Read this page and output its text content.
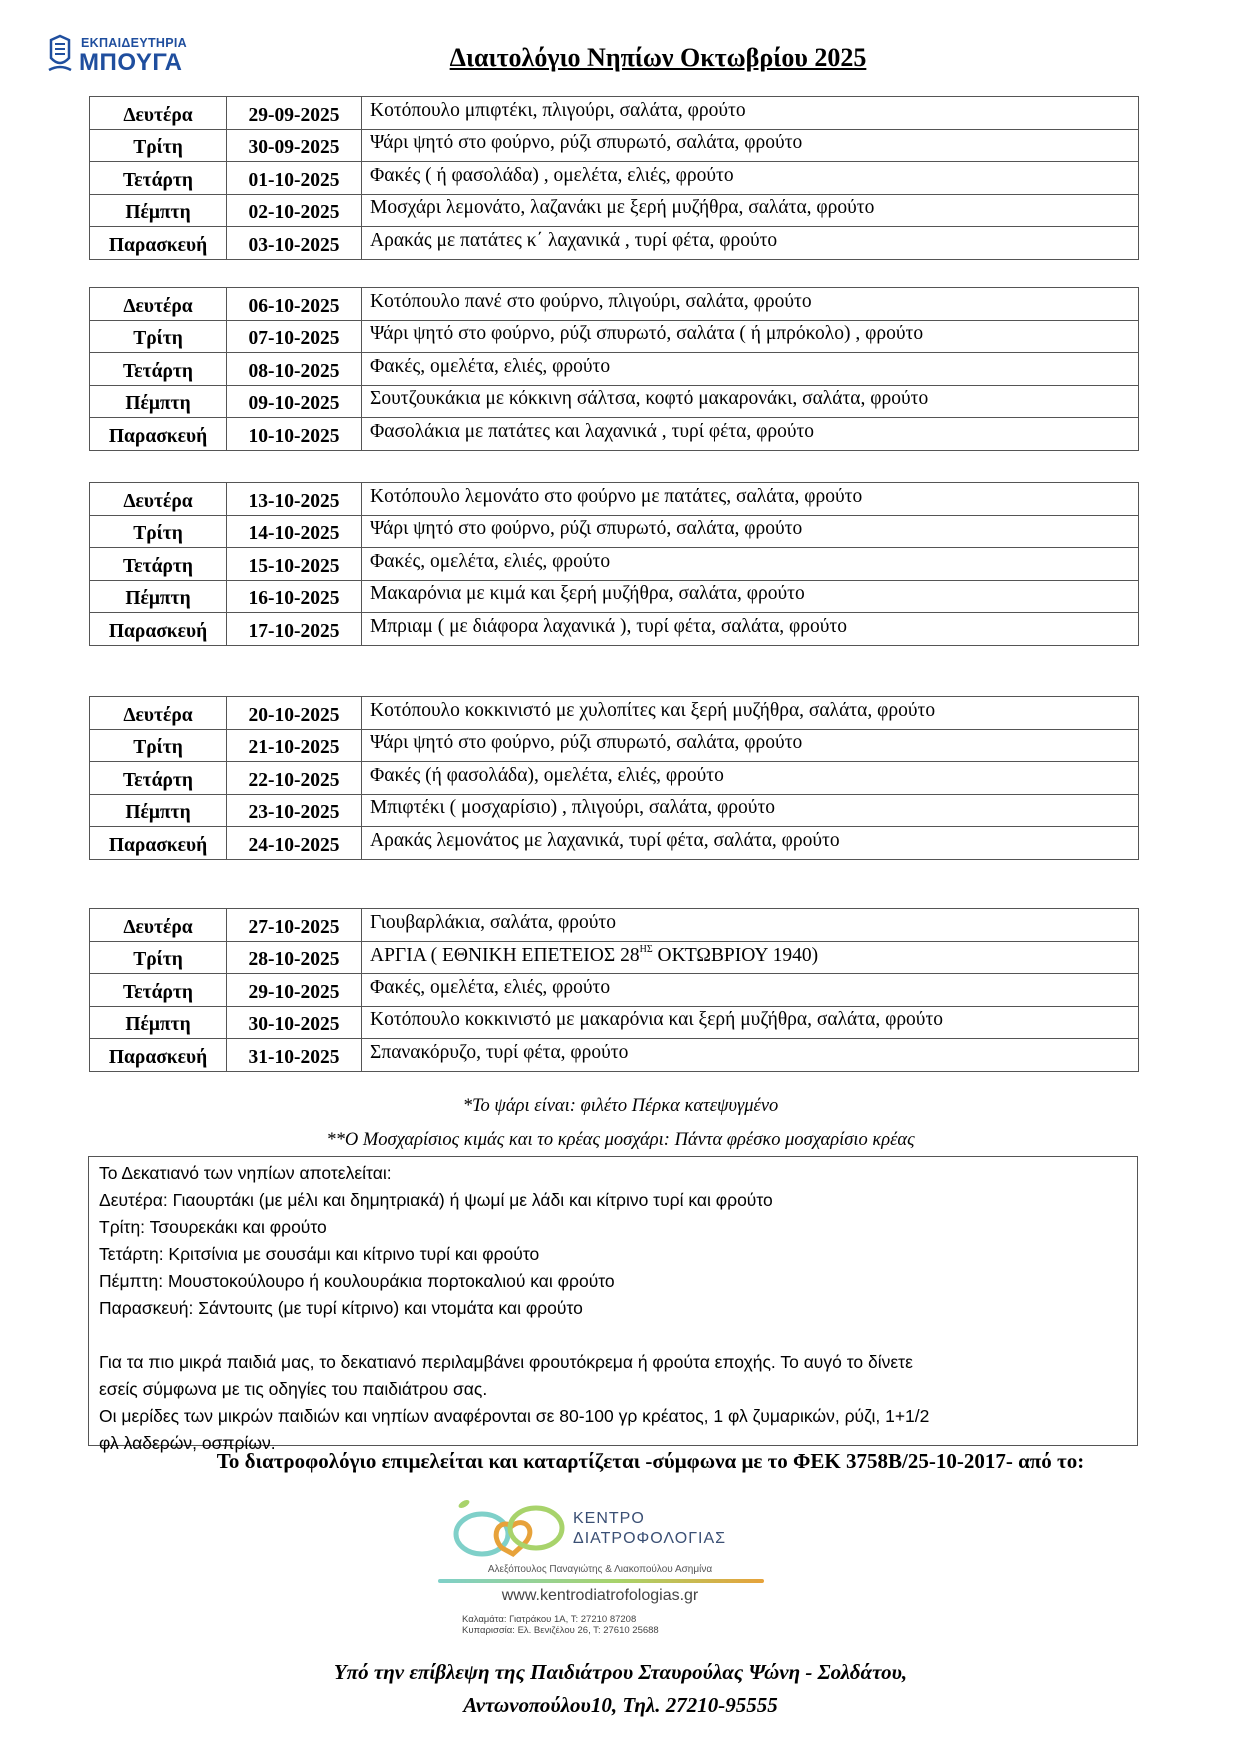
ΕΚΠΑΙΔΕΥΤΗΡΙΑ
ΜΠΟΥΓΑ	Διαιτολόγιο Νηπίων Οκτωβρίου 2025
Δευτέρα	29-09-2025	Κοτόπουλο μπιφτέκι, πλιγούρι, σαλάτα, φρούτο
Τρίτη	30-09-2025	Ψάρι ψητό στο φούρνο, ρύζι σπυρωτό, σαλάτα, φρούτο
Τετάρτη	01-10-2025	Φακές ( ή φασολάδα) , ομελέτα, ελιές, φρούτο
Πέμπτη	02-10-2025	Μοσχάρι λεμονάτο, λαζανάκι με ξερή μυζήθρα, σαλάτα, φρούτο
Παρασκευή	03-10-2025	Αρακάς με πατάτες κ΄ λαχανικά , τυρί φέτα, φρούτο
Δευτέρα	06-10-2025	Κοτόπουλο πανέ στο φούρνο, πλιγούρι, σαλάτα, φρούτο
Τρίτη	07-10-2025	Ψάρι ψητό στο φούρνο, ρύζι σπυρωτό, σαλάτα ( ή μπρόκολο) , φρούτο
Τετάρτη	08-10-2025	Φακές, ομελέτα, ελιές, φρούτο
Πέμπτη	09-10-2025	Σουτζουκάκια με κόκκινη σάλτσα, κοφτό μακαρονάκι, σαλάτα, φρούτο
Παρασκευή	10-10-2025	Φασολάκια με πατάτες και λαχανικά , τυρί φέτα, φρούτο
Δευτέρα	13-10-2025	Κοτόπουλο λεμονάτο στο φούρνο με πατάτες, σαλάτα, φρούτο
Τρίτη	14-10-2025	Ψάρι ψητό στο φούρνο, ρύζι σπυρωτό, σαλάτα, φρούτο
Τετάρτη	15-10-2025	Φακές, ομελέτα, ελιές, φρούτο
Πέμπτη	16-10-2025	Μακαρόνια με κιμά και ξερή μυζήθρα, σαλάτα, φρούτο
Παρασκευή	17-10-2025	Μπριαμ ( με διάφορα λαχανικά ), τυρί φέτα, σαλάτα, φρούτο
Δευτέρα	20-10-2025	Κοτόπουλο κοκκινιστό με χυλοπίτες και ξερή μυζήθρα, σαλάτα, φρούτο
Τρίτη	21-10-2025	Ψάρι ψητό στο φούρνο, ρύζι σπυρωτό, σαλάτα, φρούτο
Τετάρτη	22-10-2025	Φακές (ή φασολάδα), ομελέτα, ελιές, φρούτο
Πέμπτη	23-10-2025	Μπιφτέκι ( μοσχαρίσιο) , πλιγούρι, σαλάτα, φρούτο
Παρασκευή	24-10-2025	Αρακάς λεμονάτος με λαχανικά, τυρί φέτα, σαλάτα, φρούτο
Δευτέρα	27-10-2025	Γιουβαρλάκια, σαλάτα, φρούτο
Τρίτη	28-10-2025	ΑΡΓΙΑ ( ΕΘΝΙΚΗ ΕΠΕΤΕΙΟΣ $28^{H\Sigma}$ ΟΚΤΩΒΡΙΟΥ 1940)
Τετάρτη	29-10-2025	Φακές, ομελέτα, ελιές, φρούτο
Πέμπτη	30-10-2025	Κοτόπουλο κοκκινιστό με μακαρόνια και ξερή μυζήθρα, σαλάτα, φρούτο
Παρασκευή	31-10-2025	Σπανακόρυζο, τυρί φέτα, φρούτο
*Το ψάρι είναι: φιλέτο Πέρκα κατεψυγμένο
**Ο Μοσχαρίσιος κιμάς και το κρέας μοσχάρι: Πάντα φρέσκο μοσχαρίσιο κρέας
Το Δεκατιανό των νηπίων αποτελείται:
Δευτέρα: Γιαουρτάκι (με μέλι και δημητριακά) ή ψωμί με λάδι και κίτρινο τυρί και φρούτο
Τρίτη: Τσουρεκάκι και φρούτο
Τετάρτη: Κριτσίνια με σουσάμι και κίτρινο τυρί και φρούτο
Πέμπτη: Μουστοκούλουρο ή κουλουράκια πορτοκαλιού και φρούτο
Παρασκευή: Σάντουιτς (με τυρί κίτρινο) και ντομάτα και φρούτο
Για τα πιο μικρά παιδιά μας, το δεκατιανό περιλαμβάνει φρουτόκρεμα ή φρούτα εποχής. Το αυγό το δίνετε
εσείς σύμφωνα με τις οδηγίες του παιδιάτρου σας.
Οι μερίδες των μικρών παιδιών και νηπίων αναφέρονται σε 80-100 γρ κρέατος, 1 φλ ζυμαρικών, ρύζι, 1+1/2
φλ λαδερών, οσπρίων.
Το διατροφολόγιο επιμελείται και καταρτίζεται -σύμφωνα με το ΦΕΚ 3758Β/25-10-2017- από το:
ΚΕΝΤΡΟ
ΔΙΑΤΡΟΦΟΛΟΓΙΑΣ
Αλεξόπουλος Παναγιώτης & Λιακοπούλου Ασημίνα
www.kentrodiatrofologias.gr
Καλαμάτα: Γιατράκου 1Α, Τ: 27210 87208
Κυπαρισσία: Ελ. Βενιζέλου 26, Τ: 27610 25688
Υπό την επίβλεψη της Παιδιάτρου Σταυρούλας Ψώνη - Σολδάτου,
Αντωνοπούλου10, Τηλ. 27210-95555
